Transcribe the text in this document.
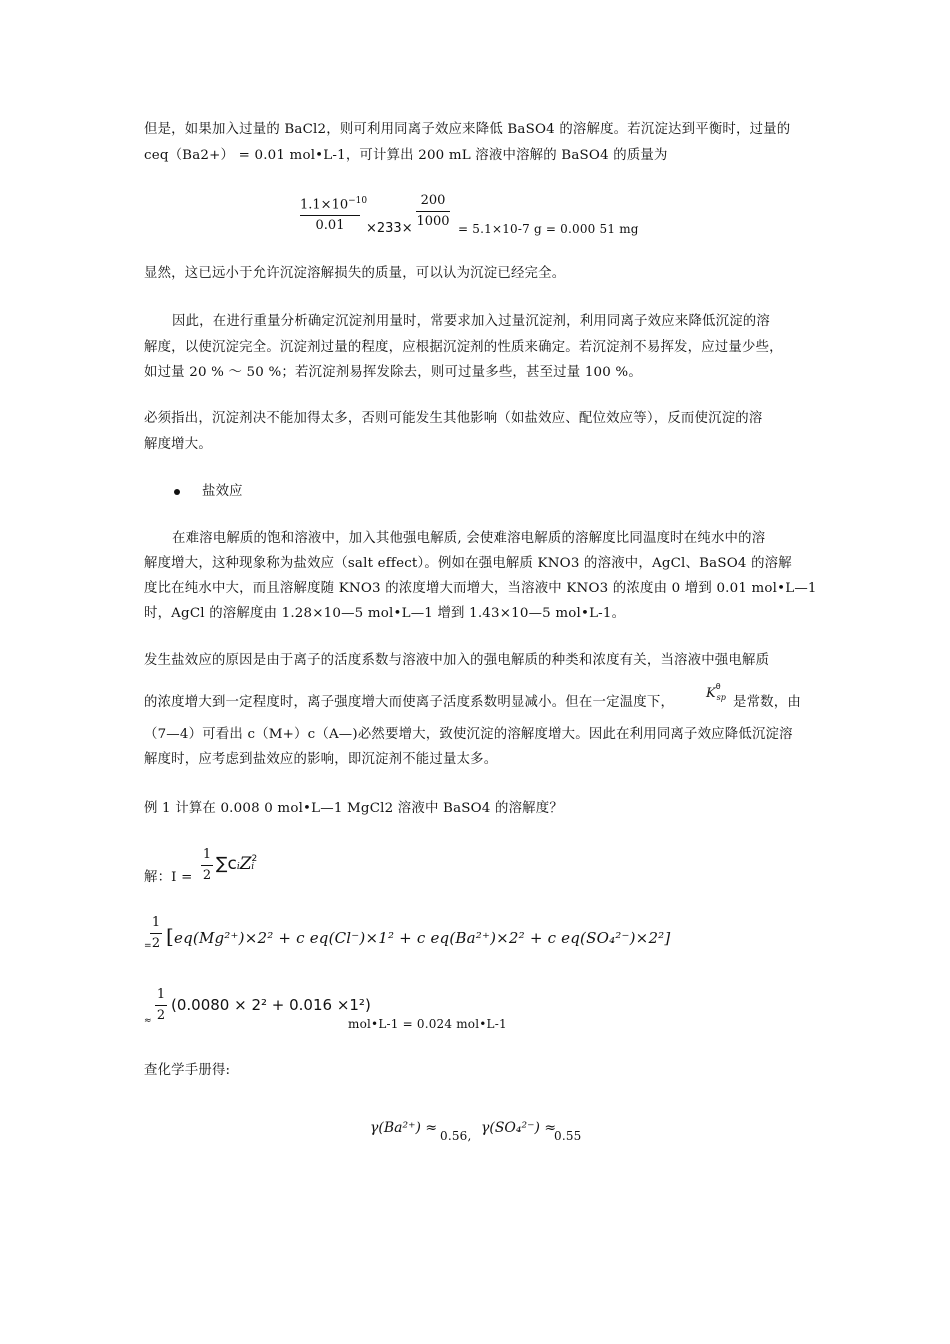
但是，如果加入过量的 BaCl2，则可利用同离子效应来降低 BaSO4 的溶解度。若沉淀达到平衡时，过量的
ceq（Ba2+） = 0.01 mol•L-1，可计算出 200 mL 溶液中溶解的 BaSO4 的质量为
$1.1\times 10^{-10}$
0.01	×233×
200
1000 = 5.1×10-7 g = 0.000 51 mg
显然，这已远小于允许沉淀溶解损失的质量，可以认为沉淀已经完全。
因此，在进行重量分析确定沉淀剂用量时，常要求加入过量沉淀剂，利用同离子效应来降低沉淀的溶
解度，以使沉淀完全。沉淀剂过量的程度，应根据沉淀剂的性质来确定。若沉淀剂不易挥发，应过量少些，
如过量 20 % ～ 50 %；若沉淀剂易挥发除去，则可过量多些，甚至过量 100 %。
必须指出，沉淀剂决不能加得太多，否则可能发生其他影响（如盐效应、配位效应等），反而使沉淀的溶
解度增大。
盐效应
在难溶电解质的饱和溶液中，加入其他强电解质, 会使难溶电解质的溶解度比同温度时在纯水中的溶
解度增大，这种现象称为盐效应（salt effect）。例如在强电解质 KNO3 的溶液中，AgCl、BaSO4 的溶解
度比在纯水中大，而且溶解度随 KNO3 的浓度增大而增大，当溶液中 KNO3 的浓度由 0 增到 0.01 mol•L—1
时，AgCl 的溶解度由 1.28×10—5 mol•L—1 增到 1.43×10—5 mol•L-1。
发生盐效应的原因是由于离子的活度系数与溶液中加入的强电解质的种类和浓度有关，当溶液中强电解质
的浓度增大到一定程度时，离子强度增大而使离子活度系数明显减小。但在一定温度下，
$K^\theta_{sp}$ 是常数，由
（7—4）可看出 c（M+）c（A—)必然要增大，致使沉淀的溶解度增大。因此在利用同离子效应降低沉淀溶
解度时，应考虑到盐效应的影响，即沉淀剂不能过量太多。
例 1 计算在 0.008 0 mol•L—1 MgCl2 溶液中 BaSO4 的溶解度？
解：I =
1
2
∑ciZ$^2$i
=
1
2 [eq(Mg²⁺)×2² + c eq(Cl⁻)×1² + c eq(Ba²⁺)×2² + c eq(SO₄²⁻)×2²]
≈
1
2
(0.0080 × 2² + 0.016 ×1²)
mol•L-1 = 0.024 mol•L-1
查化学手册得:
γ(Ba²⁺) ≈ 0.56, γ(SO₄²⁻) ≈
0.55
